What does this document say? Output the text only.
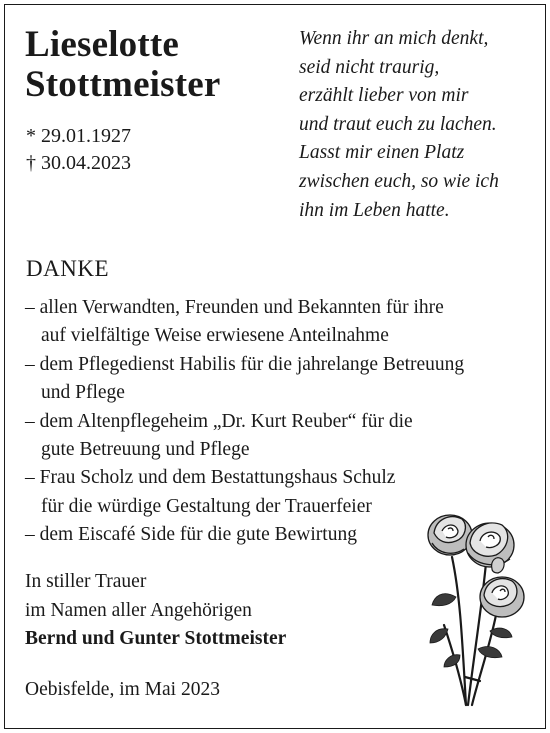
Lieselotte
Stottmeister
* 29.01.1927
† 30.04.2023
Wenn ihr an mich denkt,
seid nicht traurig,
erzählt lieber von mir
und traut euch zu lachen.
Lasst mir einen Platz
zwischen euch, so wie ich
ihn im Leben hatte.
DANKE
– allen Verwandten, Freunden und Bekannten für ihre
auf vielfältige Weise erwiesene Anteilnahme
– dem Pflegedienst Habilis für die jahrelange Betreuung
und Pflege
– dem Altenpflegeheim „Dr. Kurt Reuber“ für die
gute Betreuung und Pflege
– Frau Scholz und dem Bestattungshaus Schulz
für die würdige Gestaltung der Trauerfeier
– dem Eiscafé Side für die gute Bewirtung
In stiller Trauer
im Namen aller Angehörigen
Bernd und Gunter Stottmeister
Oebisfelde, im Mai 2023
